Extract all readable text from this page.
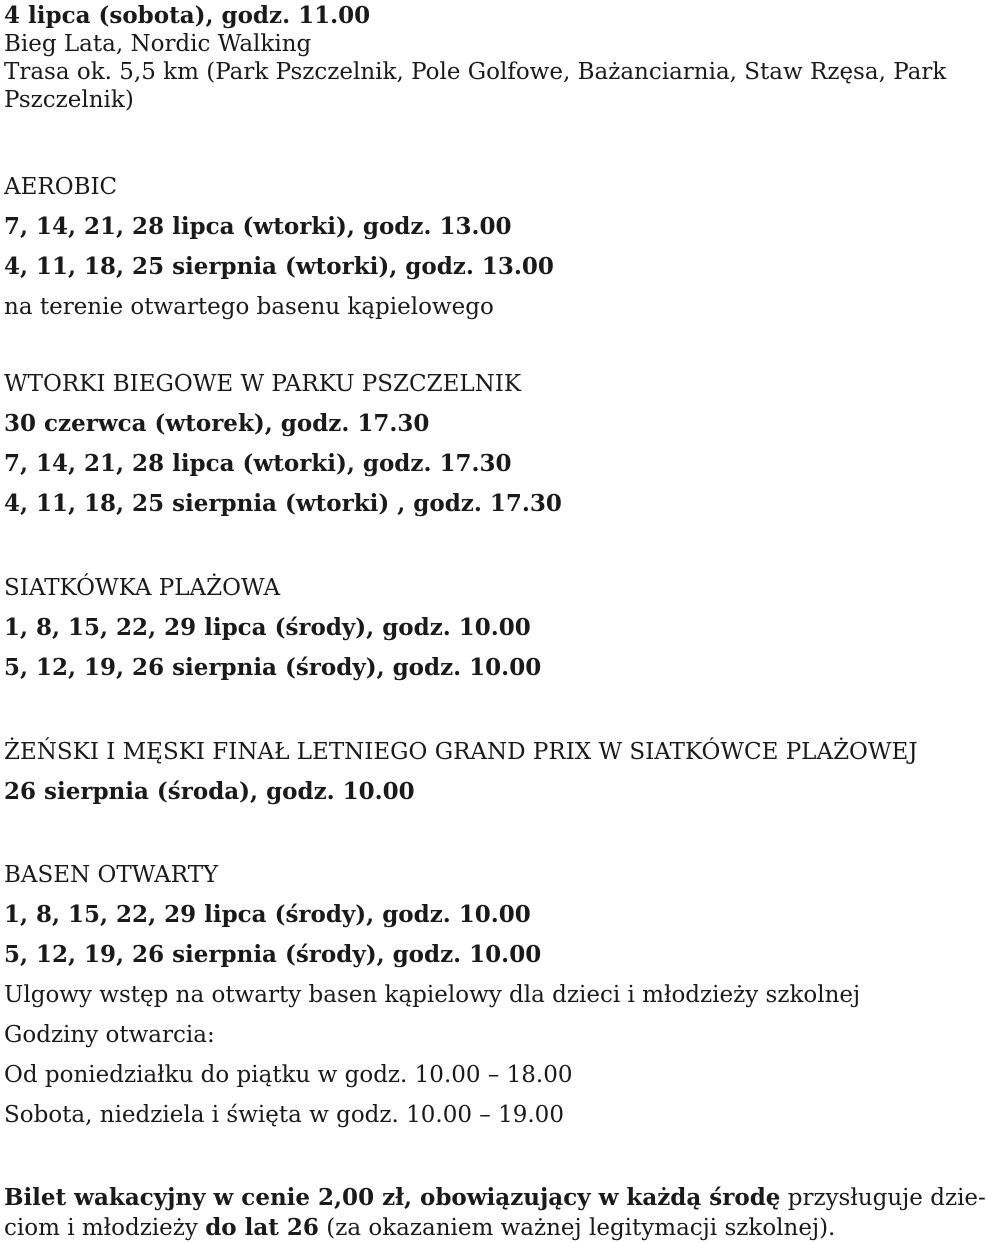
4 lipca (sobota), godz. 11.00
Bieg Lata, Nordic Walking
Trasa ok. 5,5 km (Park Pszczelnik, Pole Golfowe, Bażanciarnia, Staw Rzęsa, Park
Pszczelnik)
AEROBIC
7, 14, 21, 28 lipca (wtorki), godz. 13.00
4, 11, 18, 25 sierpnia (wtorki), godz. 13.00
na terenie otwartego basenu kąpielowego
WTORKI BIEGOWE W PARKU PSZCZELNIK
30 czerwca (wtorek), godz. 17.30
7, 14, 21, 28 lipca (wtorki), godz. 17.30
4, 11, 18, 25 sierpnia (wtorki) , godz. 17.30
SIATKÓWKA PLAŻOWA
1, 8, 15, 22, 29 lipca (środy), godz. 10.00
5, 12, 19, 26 sierpnia (środy), godz. 10.00
ŻEŃSKI I MĘSKI FINAŁ LETNIEGO GRAND PRIX W SIATKÓWCE PLAŻOWEJ
26 sierpnia (środa), godz. 10.00
BASEN OTWARTY
1, 8, 15, 22, 29 lipca (środy), godz. 10.00
5, 12, 19, 26 sierpnia (środy), godz. 10.00
Ulgowy wstęp na otwarty basen kąpielowy dla dzieci i młodzieży szkolnej
Godziny otwarcia:
Od poniedziałku do piątku w godz. 10.00 – 18.00
Sobota, niedziela i święta w godz. 10.00 – 19.00
Bilet wakacyjny w cenie 2,00 zł, obowiązujący w każdą środę przysługuje dzie-
ciom i młodzieży do lat 26 (za okazaniem ważnej legitymacji szkolnej).
